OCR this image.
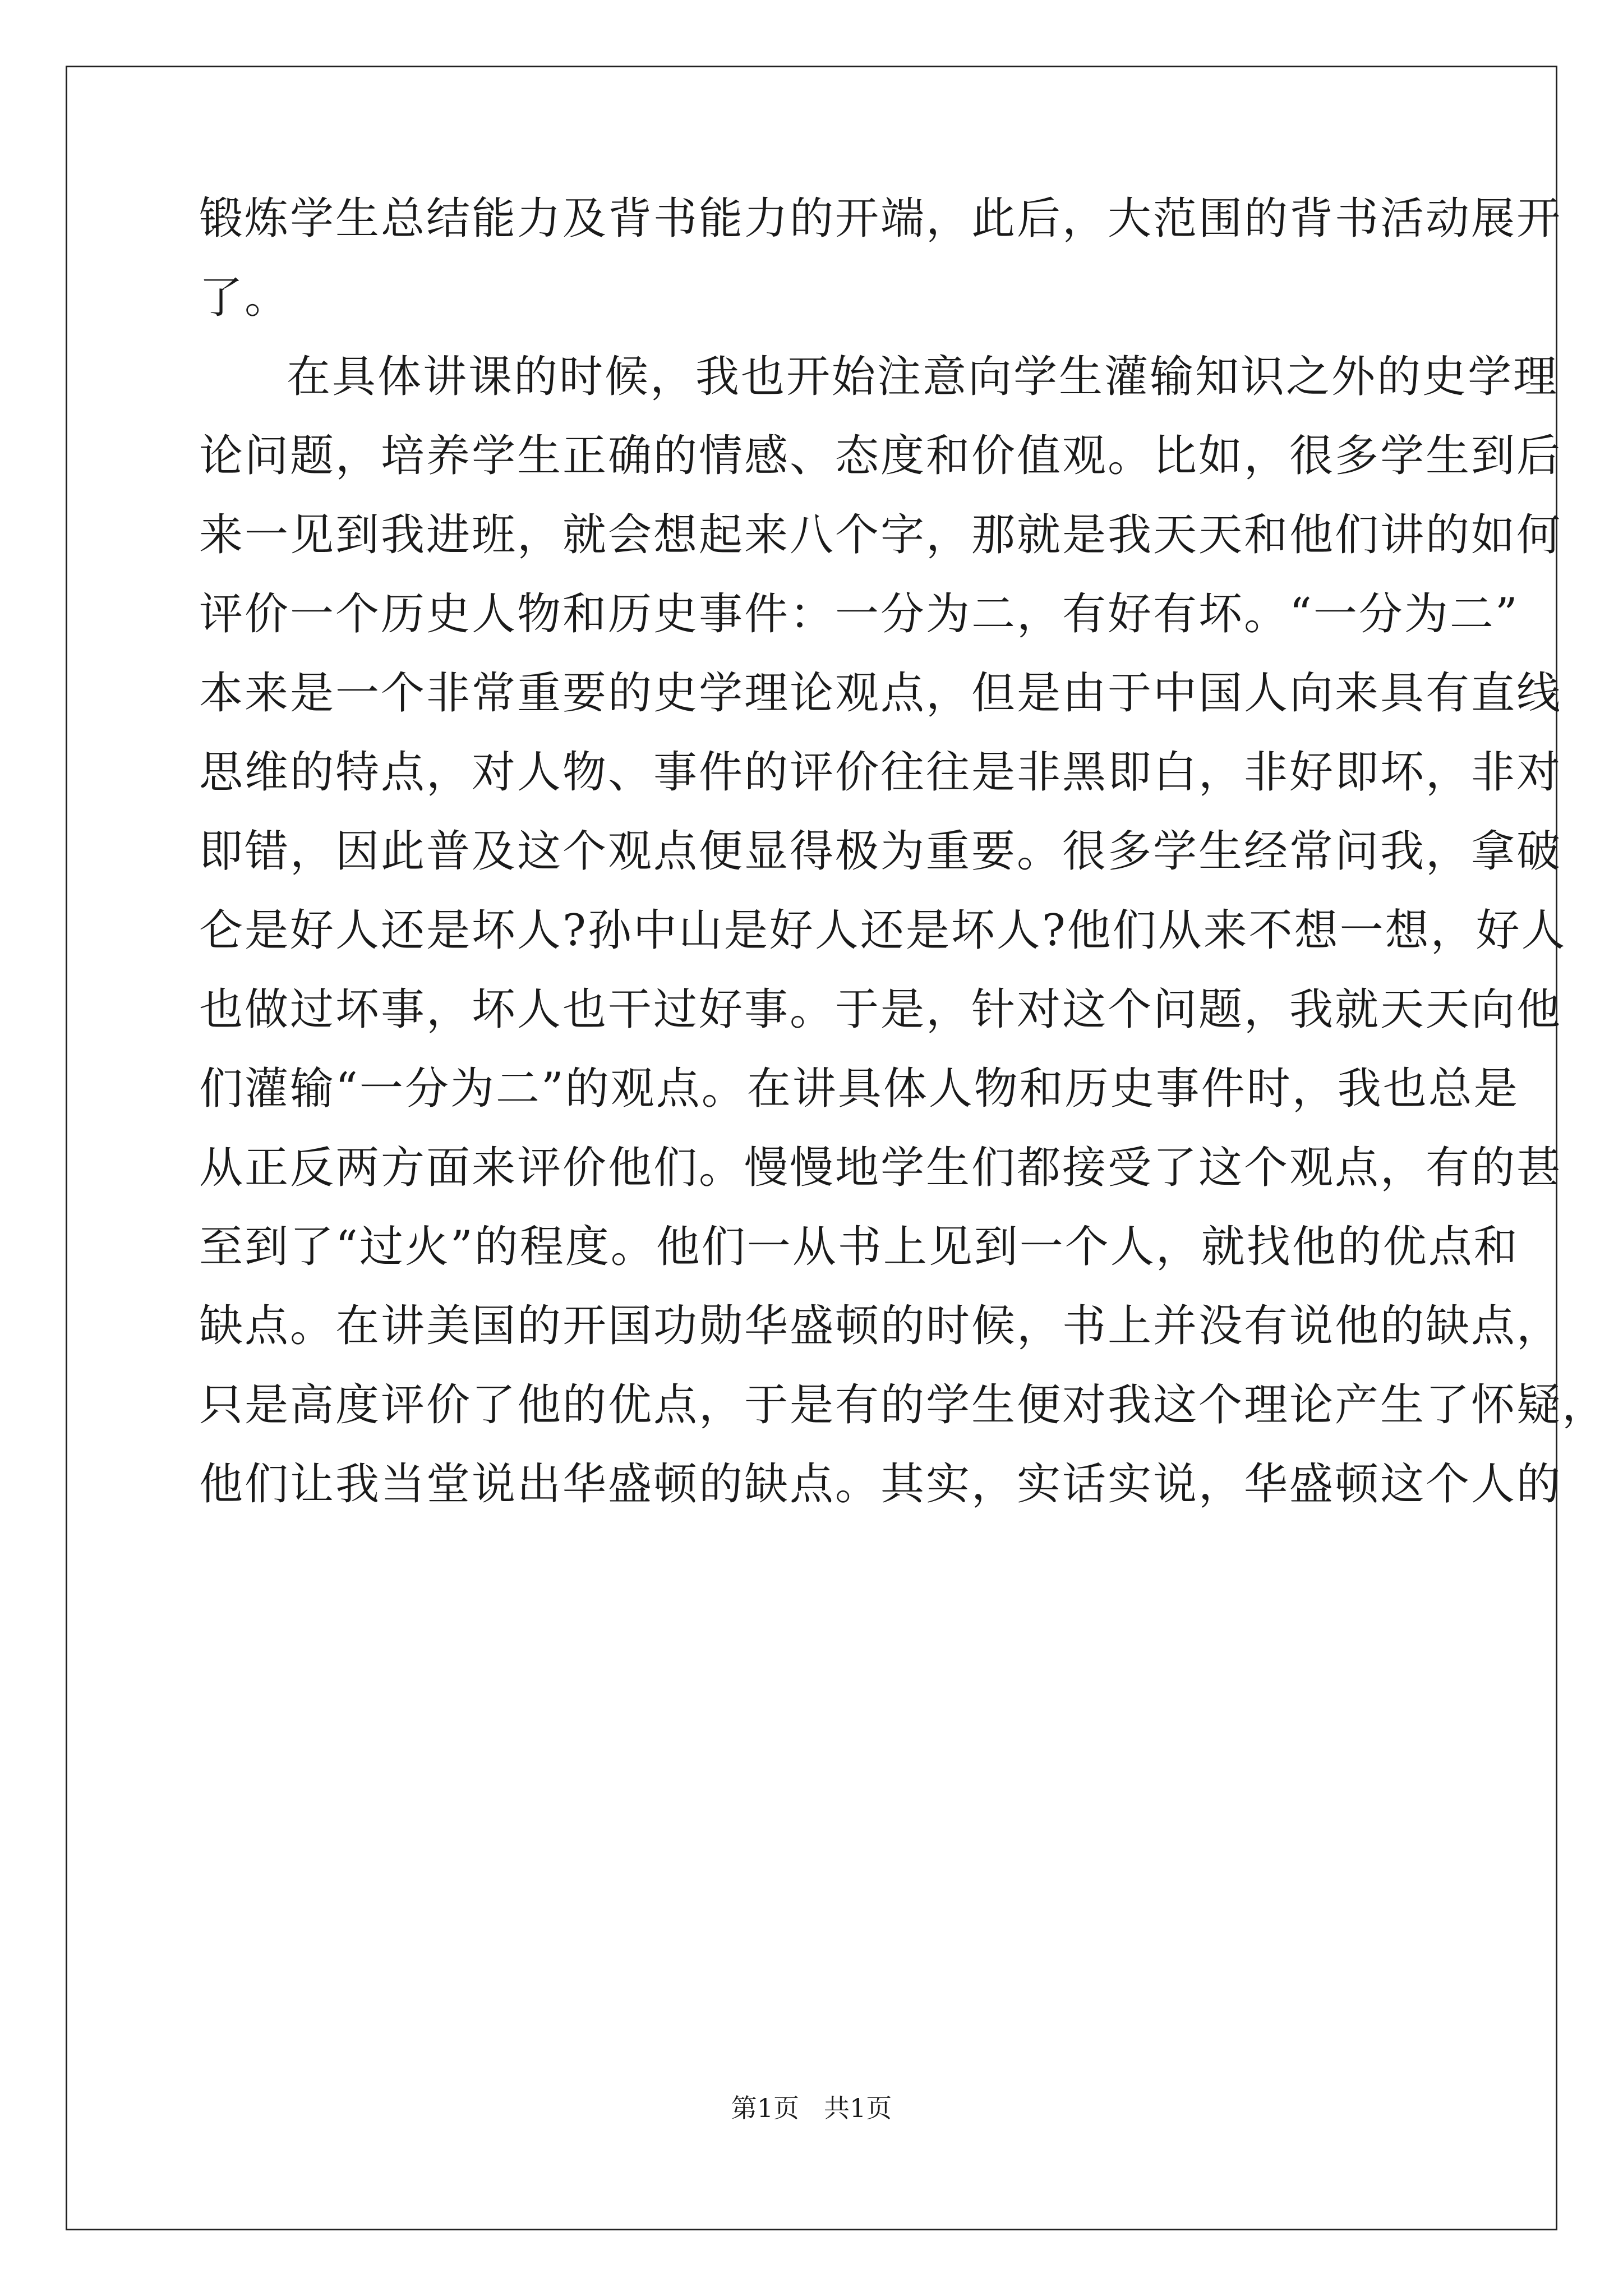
锻炼学生总结能力及背书能力的开端，此后，大范围的背书活动展开
了。
在具体讲课的时候，我也开始注意向学生灌输知识之外的史学理
论问题，培养学生正确的情感、态度和价值观。比如，很多学生到后
来一见到我进班，就会想起来八个字，那就是我天天和他们讲的如何
评价一个历史人物和历史事件：一分为二，有好有坏。“一分为二”
本来是一个非常重要的史学理论观点，但是由于中国人向来具有直线
思维的特点，对人物、事件的评价往往是非黑即白，非好即坏，非对
即错，因此普及这个观点便显得极为重要。很多学生经常问我，拿破
仑是好人还是坏人?孙中山是好人还是坏人?他们从来不想一想，好人
也做过坏事，坏人也干过好事。于是，针对这个问题，我就天天向他
们灌输“一分为二”的观点。在讲具体人物和历史事件时，我也总是
从正反两方面来评价他们。慢慢地学生们都接受了这个观点，有的甚
至到了“过火”的程度。他们一从书上见到一个人，就找他的优点和
缺点。在讲美国的开国功勋华盛顿的时候，书上并没有说他的缺点，
只是高度评价了他的优点，于是有的学生便对我这个理论产生了怀疑，
他们让我当堂说出华盛顿的缺点。其实，实话实说，华盛顿这个人的
第1页 共1页
